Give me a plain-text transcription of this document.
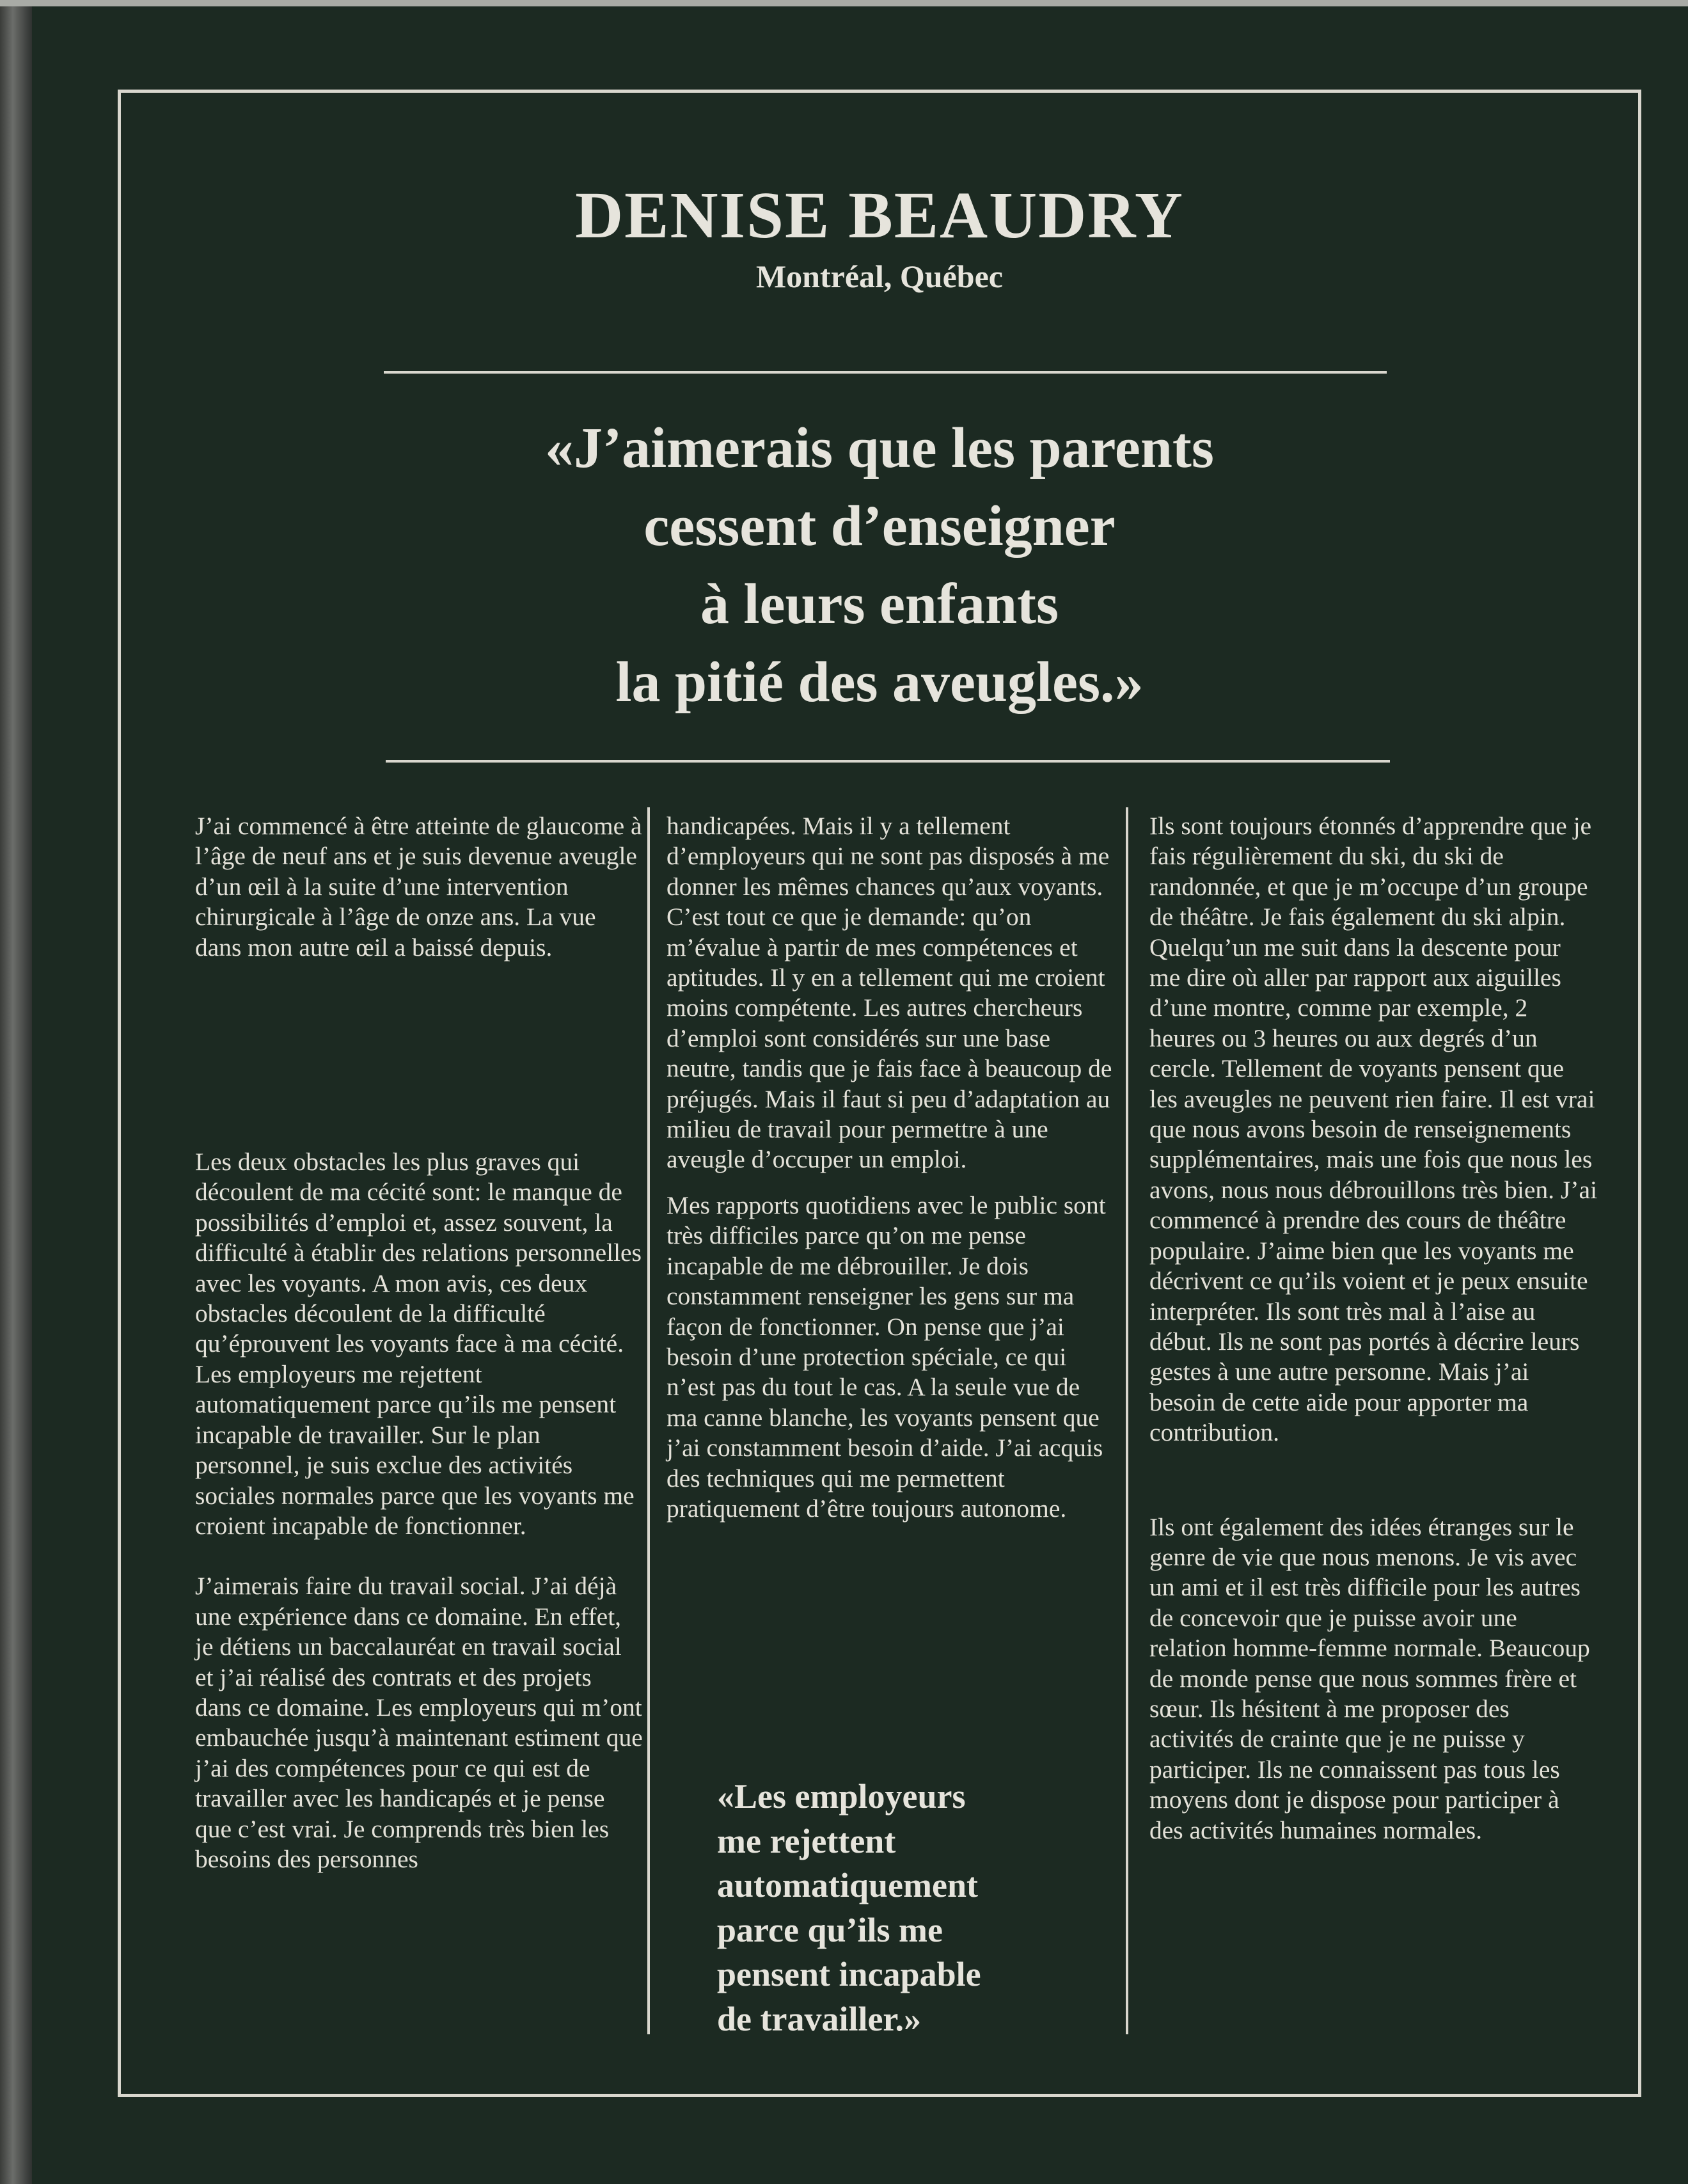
DENISE BEAUDRY
Montréal, Québec
«J’aimerais que les parents
cessent d’enseigner
à leurs enfants
la pitié des aveugles.»

J’ai commencé à être atteinte de glaucome à l’âge de neuf ans et je suis devenue aveugle d’un œil à la suite d’une intervention chirurgicale à l’âge de onze ans. La vue dans mon autre œil a baissé depuis.

Les deux obstacles les plus graves qui découlent de ma cécité sont: le manque de possibilités d’emploi et, assez souvent, la difficulté à établir des relations personnelles avec les voyants. A mon avis, ces deux obstacles découlent de la difficulté qu’éprouvent les voyants face à ma cécité. Les employeurs me rejettent automatiquement parce qu’ils me pensent incapable de travailler. Sur le plan personnel, je suis exclue des activités sociales normales parce que les voyants me croient incapable de fonctionner.

J’aimerais faire du travail social. J’ai déjà une expérience dans ce domaine. En effet, je détiens un baccalauréat en travail social et j’ai réalisé des contrats et des projets dans ce domaine. Les employeurs qui m’ont embauchée jusqu’à maintenant estiment que j’ai des compétences pour ce qui est de travailler avec les handicapés et je pense que c’est vrai. Je comprends très bien les besoins des personnes

handicapées. Mais il y a tellement d’employeurs qui ne sont pas disposés à me donner les mêmes chances qu’aux voyants. C’est tout ce que je demande: qu’on m’évalue à partir de mes compétences et aptitudes. Il y en a tellement qui me croient moins compétente. Les autres chercheurs d’emploi sont considérés sur une base neutre, tandis que je fais face à beaucoup de préjugés. Mais il faut si peu d’adaptation au milieu de travail pour permettre à une aveugle d’occuper un emploi.

Mes rapports quotidiens avec le public sont très difficiles parce qu’on me pense incapable de me débrouiller. Je dois constamment renseigner les gens sur ma façon de fonctionner. On pense que j’ai besoin d’une protection spéciale, ce qui n’est pas du tout le cas. A la seule vue de ma canne blanche, les voyants pensent que j’ai constamment besoin d’aide. J’ai acquis des techniques qui me permettent pratiquement d’être toujours autonome.

«Les employeurs
me rejettent
automatiquement
parce qu’ils me
pensent incapable
de travailler.»

Ils sont toujours étonnés d’apprendre que je fais régulièrement du ski, du ski de randonnée, et que je m’occupe d’un groupe de théâtre. Je fais également du ski alpin. Quelqu’un me suit dans la descente pour me dire où aller par rapport aux aiguilles d’une montre, comme par exemple, 2 heures ou 3 heures ou aux degrés d’un cercle. Tellement de voyants pensent que les aveugles ne peuvent rien faire. Il est vrai que nous avons besoin de renseignements supplémentaires, mais une fois que nous les avons, nous nous débrouillons très bien. J’ai commencé à prendre des cours de théâtre populaire. J’aime bien que les voyants me décrivent ce qu’ils voient et je peux ensuite interpréter. Ils sont très mal à l’aise au début. Ils ne sont pas portés à décrire leurs gestes à une autre personne. Mais j’ai besoin de cette aide pour apporter ma contribution.

Ils ont également des idées étranges sur le genre de vie que nous menons. Je vis avec un ami et il est très difficile pour les autres de concevoir que je puisse avoir une relation homme-femme normale. Beaucoup de monde pense que nous sommes frère et sœur. Ils hésitent à me proposer des activités de crainte que je ne puisse y participer. Ils ne connaissent pas tous les moyens dont je dispose pour participer à des activités humaines normales.
